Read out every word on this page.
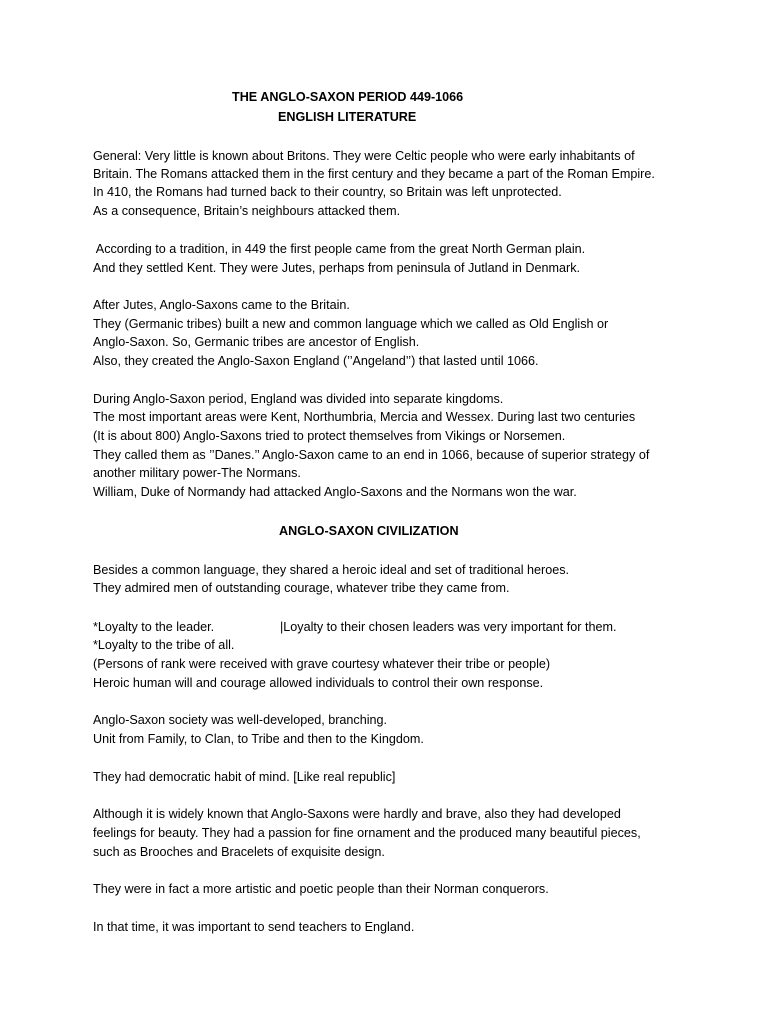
THE ANGLO-SAXON PERIOD 449-1066
ENGLISH LITERATURE
General: Very little is known about Britons. They were Celtic people who were early inhabitants of
Britain. The Romans attacked them in the first century and they became a part of the Roman Empire.
In 410, the Romans had turned back to their country, so Britain was left unprotected.
As a consequence, Britain’s neighbours attacked them.
According to a tradition, in 449 the first people came from the great North German plain.
And they settled Kent. They were Jutes, perhaps from peninsula of Jutland in Denmark.
After Jutes, Anglo-Saxons came to the Britain.
They (Germanic tribes) built a new and common language which we called as Old English or
Anglo-Saxon. So, Germanic tribes are ancestor of English.
Also, they created the Anglo-Saxon England (’’Angeland’’) that lasted until 1066.
During Anglo-Saxon period, England was divided into separate kingdoms.
The most important areas were Kent, Northumbria, Mercia and Wessex. During last two centuries
(It is about 800) Anglo-Saxons tried to protect themselves from Vikings or Norsemen.
They called them as ’’Danes.’’ Anglo-Saxon came to an end in 1066, because of superior strategy of
another military power-The Normans.
William, Duke of Normandy had attacked Anglo-Saxons and the Normans won the war.
ANGLO-SAXON CIVILIZATION
Besides a common language, they shared a heroic ideal and set of traditional heroes.
They admired men of outstanding courage, whatever tribe they came from.
*Loyalty to the leader.	|Loyalty to their chosen leaders was very important for them.
*Loyalty to the tribe of all.
(Persons of rank were received with grave courtesy whatever their tribe or people)
Heroic human will and courage allowed individuals to control their own response.
Anglo-Saxon society was well-developed, branching.
Unit from Family, to Clan, to Tribe and then to the Kingdom.
They had democratic habit of mind. [Like real republic]
Although it is widely known that Anglo-Saxons were hardly and brave, also they had developed
feelings for beauty. They had a passion for fine ornament and the produced many beautiful pieces,
such as Brooches and Bracelets of exquisite design.
They were in fact a more artistic and poetic people than their Norman conquerors.
In that time, it was important to send teachers to England.
